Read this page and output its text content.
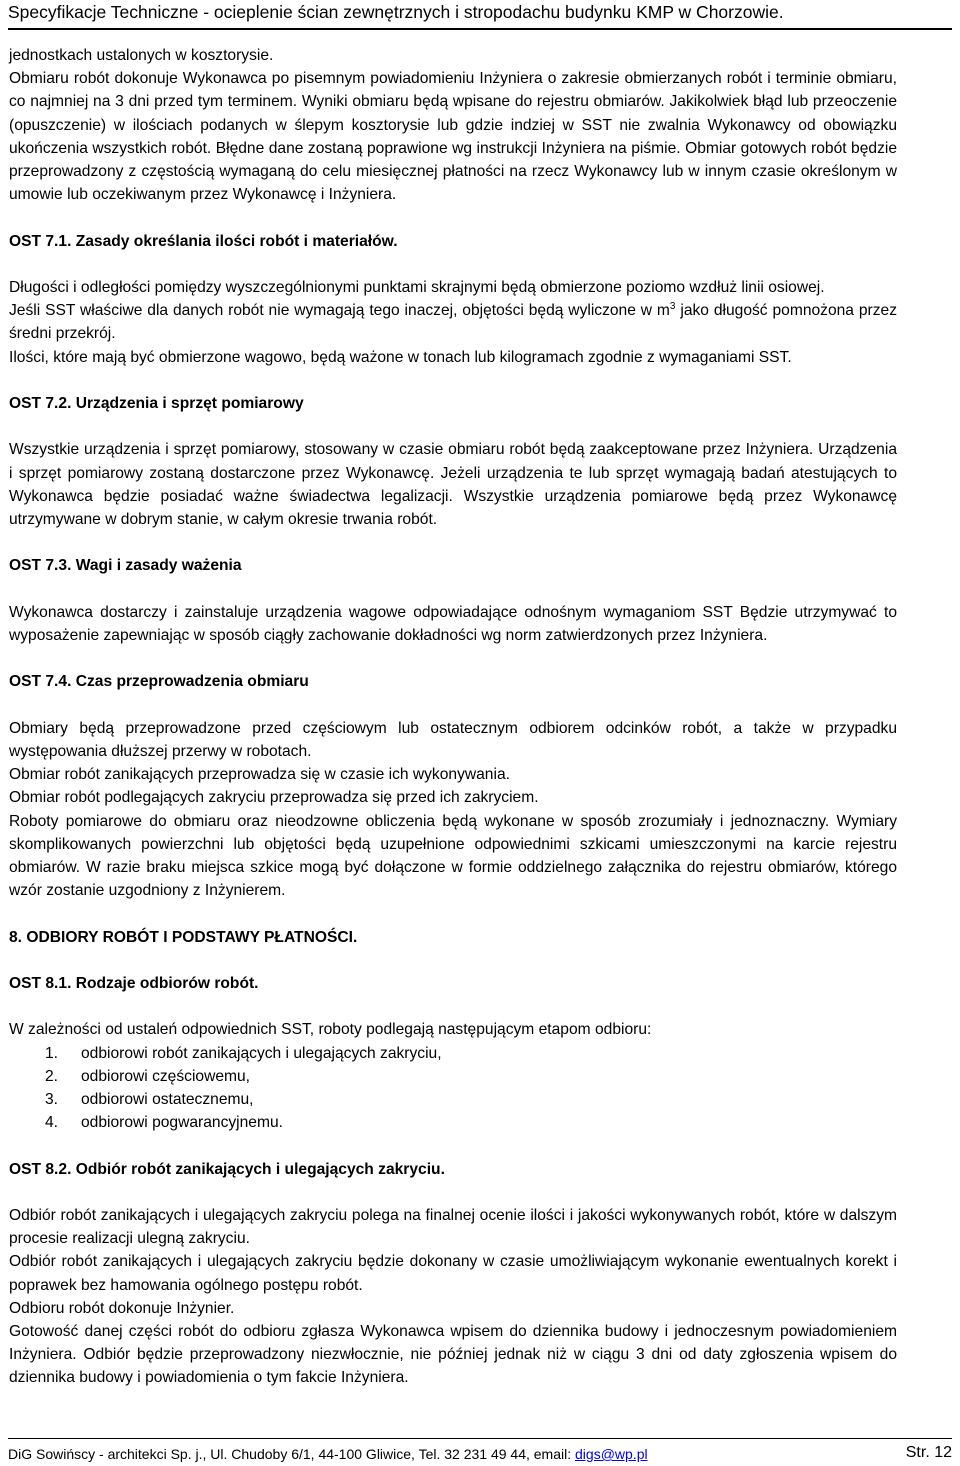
Specyfikacje Techniczne - ocieplenie ścian zewnętrznych i stropodachu budynku KMP w Chorzowie.

jednostkach ustalonych w kosztorysie.

Obmiaru robót dokonuje Wykonawca po pisemnym powiadomieniu Inżyniera o zakresie obmierzanych robót i terminie obmiaru, co najmniej na 3 dni przed tym terminem. Wyniki obmiaru będą wpisane do rejestru obmiarów. Jakikolwiek błąd lub przeoczenie (opuszczenie) w ilościach podanych w ślepym kosztorysie lub gdzie indziej w SST nie zwalnia Wykonawcy od obowiązku ukończenia wszystkich robót. Błędne dane zostaną poprawione wg instrukcji Inżyniera na piśmie. Obmiar gotowych robót będzie przeprowadzony z częstością wymaganą do celu miesięcznej płatności na rzecz Wykonawcy lub w innym czasie określonym w umowie lub oczekiwanym przez Wykonawcę i Inżyniera.

OST 7.1. Zasady określania ilości robót i materiałów.

Długości i odległości pomiędzy wyszczególnionymi punktami skrajnymi będą obmierzone poziomo wzdłuż linii osiowej.

Jeśli SST właściwe dla danych robót nie wymagają tego inaczej, objętości będą wyliczone w $m^3$ jako długość pomnożona przez średni przekrój.

Ilości, które mają być obmierzone wagowo, będą ważone w tonach lub kilogramach zgodnie z wymaganiami SST.

OST 7.2. Urządzenia i sprzęt pomiarowy

Wszystkie urządzenia i sprzęt pomiarowy, stosowany w czasie obmiaru robót będą zaakceptowane przez Inżyniera. Urządzenia i sprzęt pomiarowy zostaną dostarczone przez Wykonawcę. Jeżeli urządzenia te lub sprzęt wymagają badań atestujących to Wykonawca będzie posiadać ważne świadectwa legalizacji. Wszystkie urządzenia pomiarowe będą przez Wykonawcę utrzymywane w dobrym stanie, w całym okresie trwania robót.

OST 7.3. Wagi i zasady ważenia

Wykonawca dostarczy i zainstaluje urządzenia wagowe odpowiadające odnośnym wymaganiom SST Będzie utrzymywać to wyposażenie zapewniając w sposób ciągły zachowanie dokładności wg norm zatwierdzonych przez Inżyniera.

OST 7.4. Czas przeprowadzenia obmiaru

Obmiary będą przeprowadzone przed częściowym lub ostatecznym odbiorem odcinków robót, a także w przypadku występowania dłuższej przerwy w robotach.

Obmiar robót zanikających przeprowadza się w czasie ich wykonywania.

Obmiar robót podlegających zakryciu przeprowadza się przed ich zakryciem.

Roboty pomiarowe do obmiaru oraz nieodzowne obliczenia będą wykonane w sposób zrozumiały i jednoznaczny. Wymiary skomplikowanych powierzchni lub objętości będą uzupełnione odpowiednimi szkicami umieszczonymi na karcie rejestru obmiarów. W razie braku miejsca szkice mogą być dołączone w formie oddzielnego załącznika do rejestru obmiarów, którego wzór zostanie uzgodniony z Inżynierem.

8. ODBIORY ROBÓT I PODSTAWY PŁATNOŚCI.

OST 8.1. Rodzaje odbiorów robót.

W zależności od ustaleń odpowiednich SST, roboty podlegają następującym etapom odbioru:

1.	odbiorowi robót zanikających i ulegających zakryciu,
2.	odbiorowi częściowemu,
3.	odbiorowi ostatecznemu,
4.	odbiorowi pogwarancyjnemu.

OST 8.2. Odbiór robót zanikających i ulegających zakryciu.

Odbiór robót zanikających i ulegających zakryciu polega na finalnej ocenie ilości i jakości wykonywanych robót, które w dalszym procesie realizacji ulegną zakryciu.

Odbiór robót zanikających i ulegających zakryciu będzie dokonany w czasie umożliwiającym wykonanie ewentualnych korekt i poprawek bez hamowania ogólnego postępu robót.

Odbioru robót dokonuje Inżynier.

Gotowość danej części robót do odbioru zgłasza Wykonawca wpisem do dziennika budowy i jednoczesnym powiadomieniem Inżyniera. Odbiór będzie przeprowadzony niezwłocznie, nie później jednak niż w ciągu 3 dni od daty zgłoszenia wpisem do dziennika budowy i powiadomienia o tym fakcie Inżyniera.

DiG Sowińscy - architekci Sp. j., Ul. Chudoby 6/1, 44-100 Gliwice, Tel. 32 231 49 44, email: digs@wp.pl	Str. 12
